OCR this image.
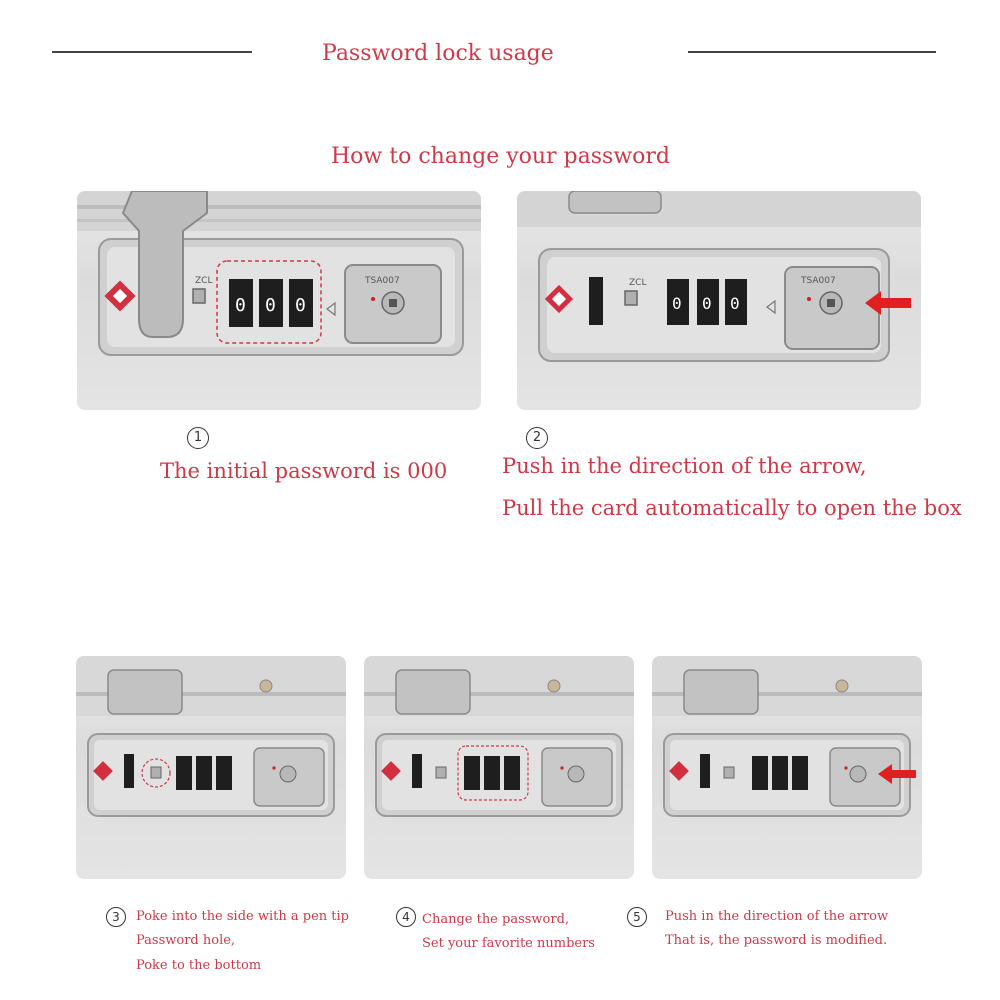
Password lock usage
How to change your password
ZCL
0 0 0
TSA007	ZCL
0 0 0
TSA007
1
The initial password is 000
2
Push in the direction of the arrow,
Pull the card automatically to open the box
3	Poke into the side with a pen tip
Password hole,
Poke to the bottom
4 Change the password,
Set your favorite numbers
5	Push in the direction of the arrow
That is, the password is modified.
